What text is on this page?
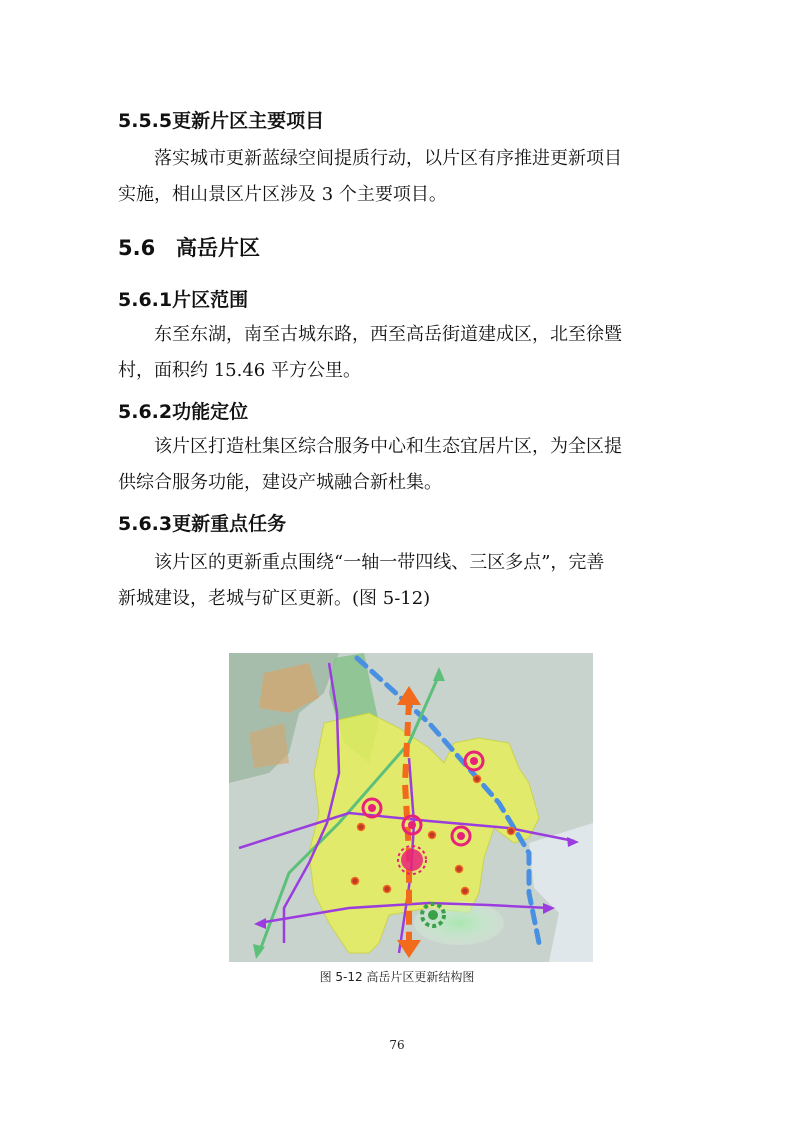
5.5.5更新片区主要项目
落实城市更新蓝绿空间提质行动，以片区有序推进更新项目
实施，相山景区片区涉及 3 个主要项目。
5.6 高岳片区
5.6.1片区范围
东至东湖，南至古城东路，西至高岳街道建成区，北至徐暨
村，面积约 15.46 平方公里。
5.6.2功能定位
该片区打造杜集区综合服务中心和生态宜居片区，为全区提
供综合服务功能，建设产城融合新杜集。
5.6.3更新重点任务
该片区的更新重点围绕“一轴一带四线、三区多点”，完善
新城建设，老城与矿区更新。(图 5-12)
图 5-12 高岳片区更新结构图
76
